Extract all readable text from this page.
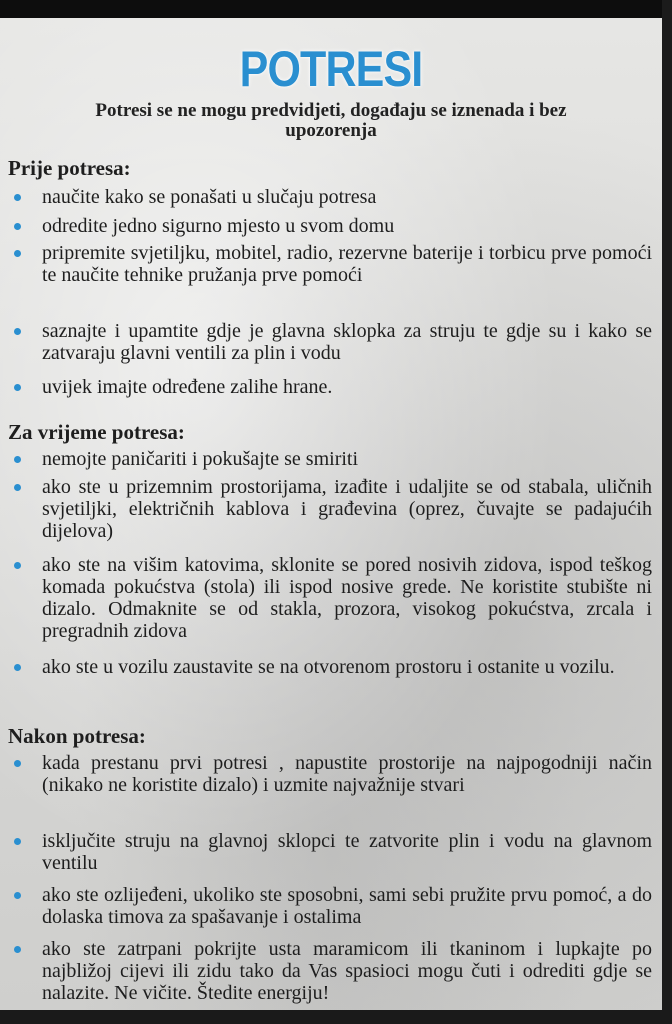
POTRESI
Potresi se ne mogu predvidjeti, događaju se iznenada i bez upozorenja
Prije potresa:
naučite kako se ponašati u slučaju potresa
odredite jedno sigurno mjesto u svom domu
pripremite svjetiljku, mobitel, radio, rezervne baterije i torbicu prve pomoći te naučite tehnike pružanja prve pomoći
saznajte i upamtite gdje je glavna sklopka za struju te gdje su i kako se zatvaraju glavni ventili za plin i vodu
uvijek imajte određene zalihe hrane.
Za vrijeme potresa:
nemojte paničariti i pokušajte se smiriti
ako ste u prizemnim prostorijama, izađite i udaljite se od stabala, uličnih svjetiljki, električnih kablova i građevina (oprez, čuvajte se padajućih dijelova)
ako ste na višim katovima, sklonite se pored nosivih zidova, ispod teškog komada pokućstva (stola) ili ispod nosive grede. Ne koristite stubište ni dizalo. Odmaknite se od stakla, prozora, visokog pokućstva, zrcala i pregradnih zidova
ako ste u vozilu zaustavite se na otvorenom prostoru i ostanite u vozilu.
Nakon potresa:
kada prestanu prvi potresi , napustite prostorije na najpogodniji način (nikako ne koristite dizalo) i uzmite najvažnije stvari
isključite struju na glavnoj sklopci te zatvorite plin i vodu na glavnom ventilu
ako ste ozlijeđeni, ukoliko ste sposobni, sami sebi pružite prvu pomoć, a do dolaska timova za spašavanje i ostalima
ako ste zatrpani pokrijte usta maramicom ili tkaninom i lupkajte po najbližoj cijevi ili zidu tako da Vas spasioci mogu čuti i odrediti gdje se nalazite. Ne vičite. Štedite energiju!
